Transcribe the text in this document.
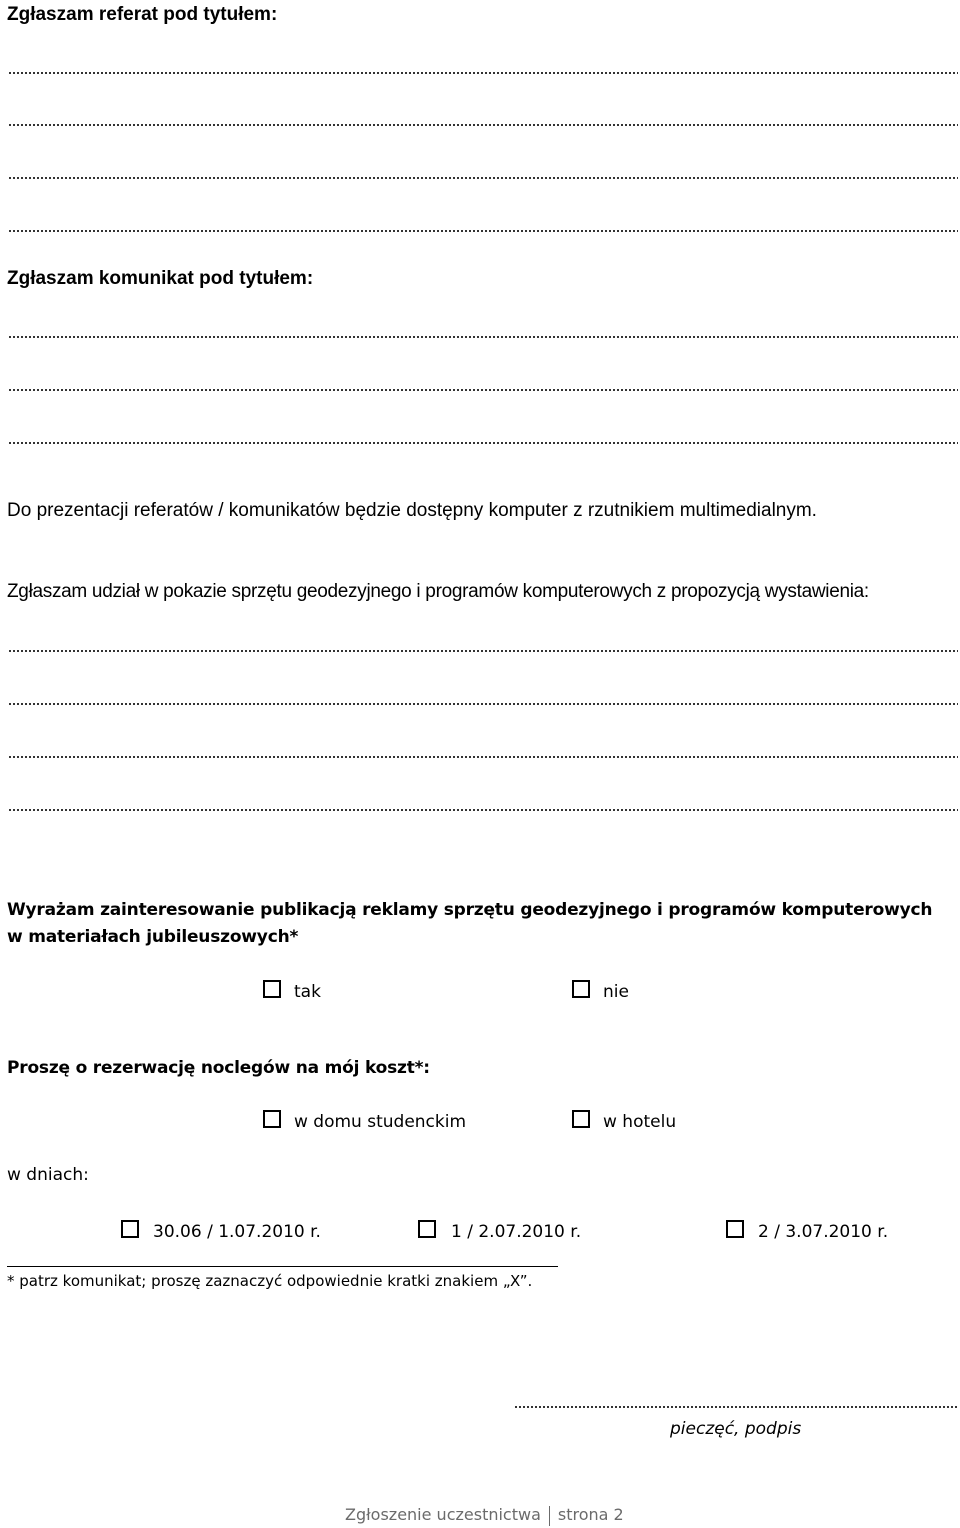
Zgłaszam referat pod tytułem:
Zgłaszam komunikat pod tytułem:
Do prezentacji referatów / komunikatów będzie dostępny komputer z rzutnikiem multimedialnym.
Zgłaszam udział w pokazie sprzętu geodezyjnego i programów komputerowych z propozycją wystawienia:
Wyrażam zainteresowanie publikacją reklamy sprzętu geodezyjnego i programów komputerowych
w materiałach jubileuszowych*
tak	nie
Proszę o rezerwację noclegów na mój koszt*:
w domu studenckim	w hotelu
w dniach:
30.06 / 1.07.2010 r.	1 / 2.07.2010 r.	2 / 3.07.2010 r.
* patrz komunikat; proszę zaznaczyć odpowiednie kratki znakiem „X”.
pieczęć, podpis
Zgłoszenie uczestnictwa strona 2
